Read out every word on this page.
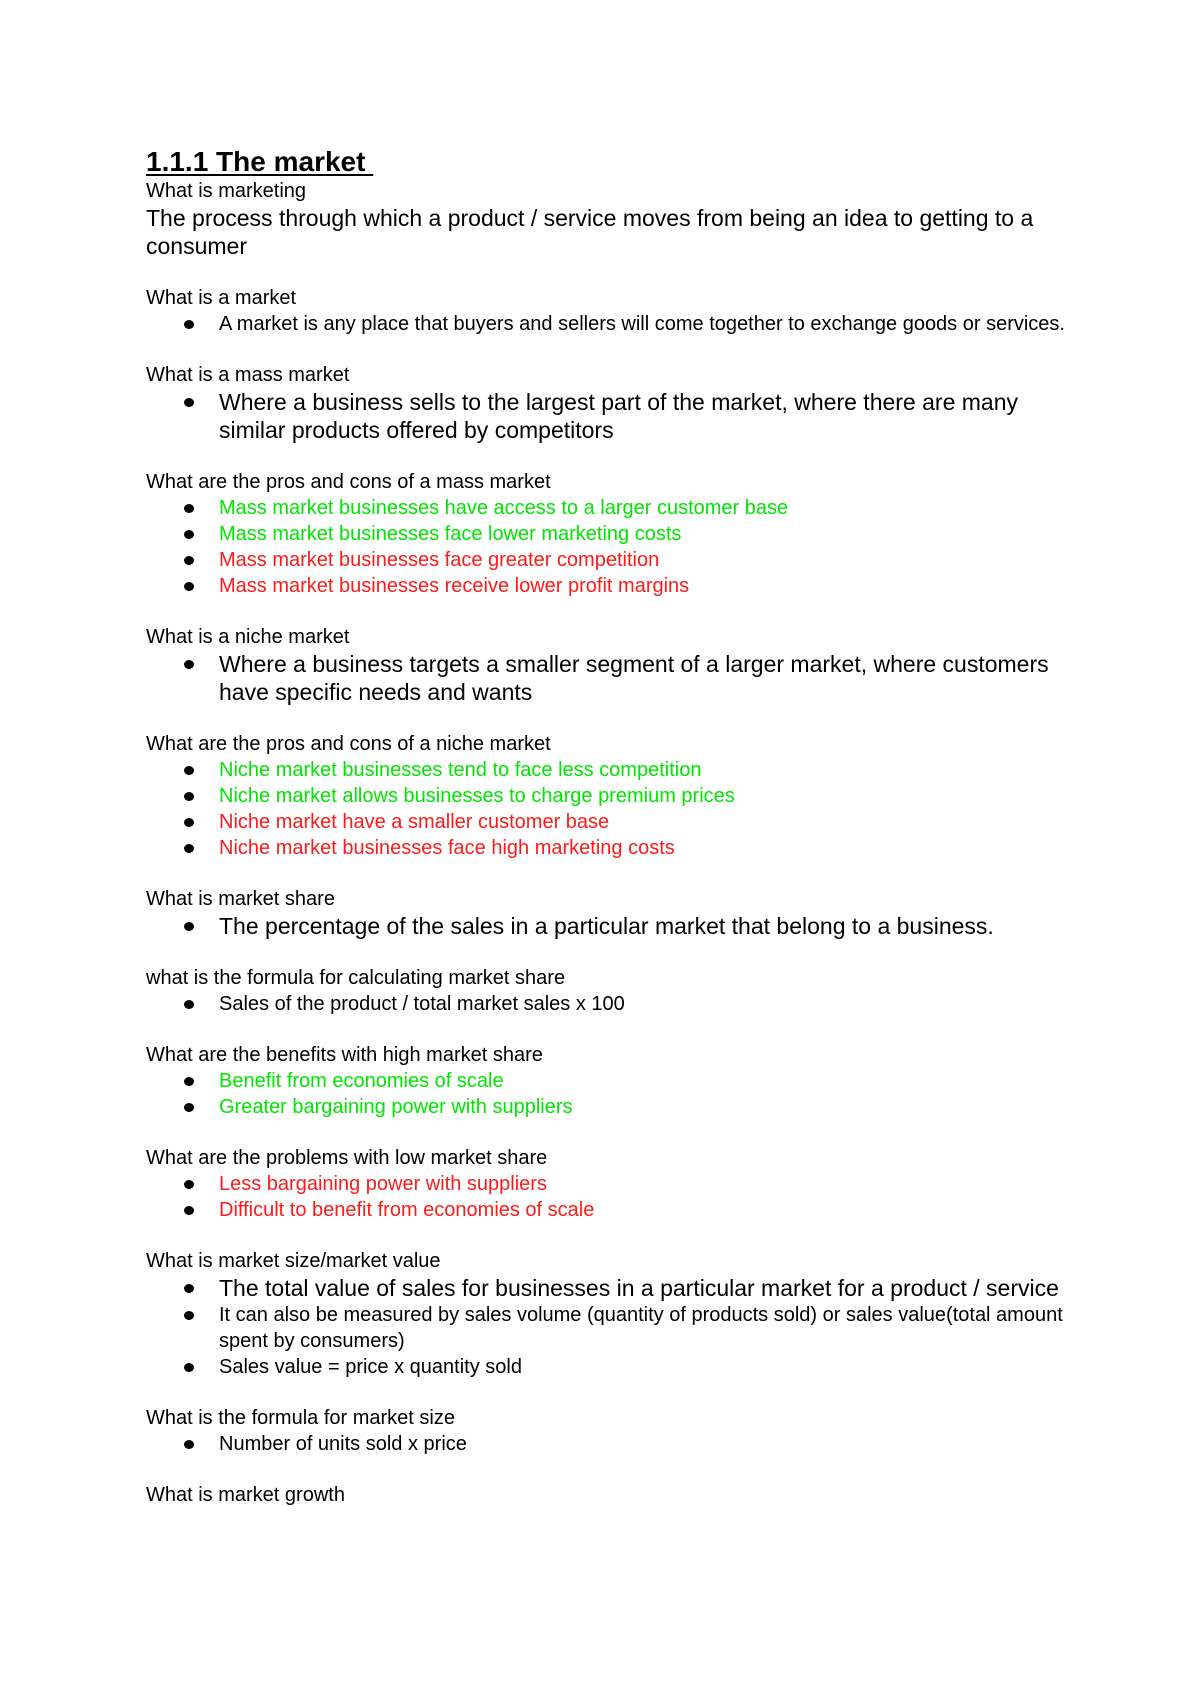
1.1.1 The market

What is marketing

The process through which a product / service moves from being an idea to getting to a consumer

What is a market

A market is any place that buyers and sellers will come together to exchange goods or services.

What is a mass market

Where a business sells to the largest part of the market, where there are many similar products offered by competitors

What are the pros and cons of a mass market

Mass market businesses have access to a larger customer base
Mass market businesses face lower marketing costs
Mass market businesses face greater competition
Mass market businesses receive lower profit margins

What is a niche market

Where a business targets a smaller segment of a larger market, where customers have specific needs and wants

What are the pros and cons of a niche market

Niche market businesses tend to face less competition
Niche market allows businesses to charge premium prices
Niche market have a smaller customer base
Niche market businesses face high marketing costs

What is market share

The percentage of the sales in a particular market that belong to a business.

what is the formula for calculating market share

Sales of the product / total market sales x 100

What are the benefits with high market share

Benefit from economies of scale
Greater bargaining power with suppliers

What are the problems with low market share

Less bargaining power with suppliers
Difficult to benefit from economies of scale

What is market size/market value

The total value of sales for businesses in a particular market for a product / service
It can also be measured by sales volume (quantity of products sold) or sales value(total amount spent by consumers)
Sales value = price x quantity sold

What is the formula for market size

Number of units sold x price

What is market growth
